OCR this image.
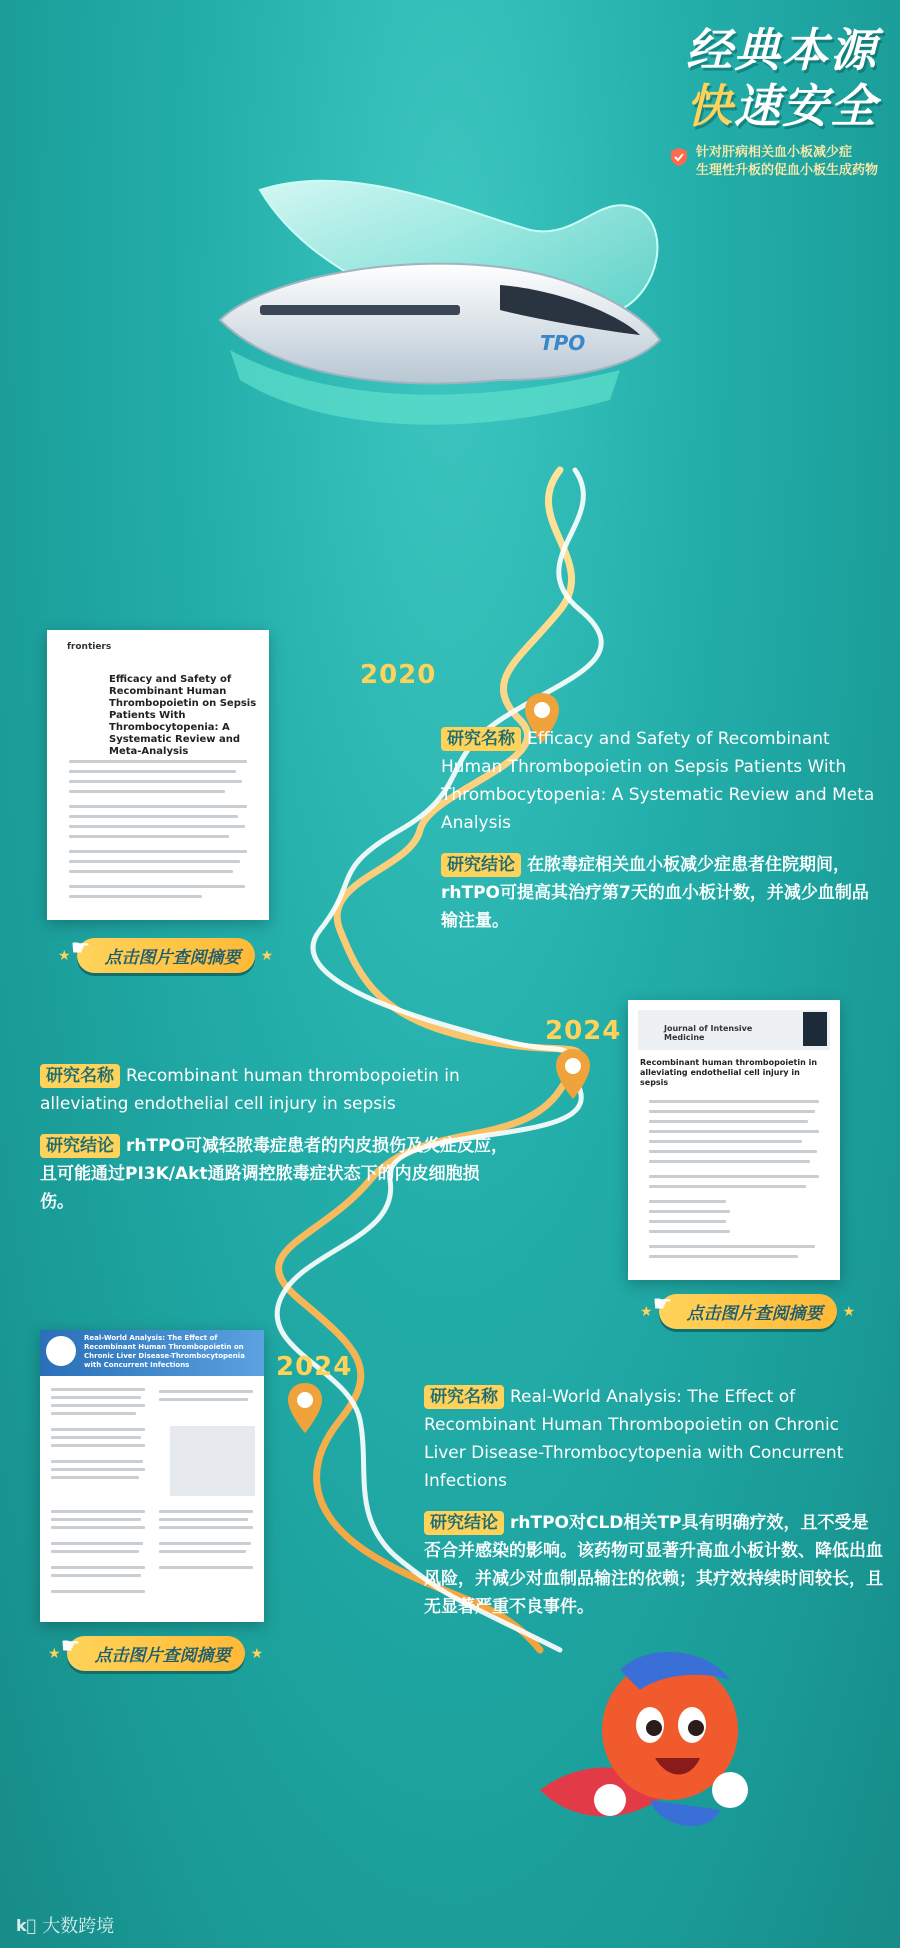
经典本源
快速安全
针对肝病相关血小板减少症
生理性升板的促血小板生成药物
TPO
frontiers
Efficacy and Safety of Recombinant Human Thrombopoietin on Sepsis Patients With Thrombocytopenia: A Systematic Review and Meta-Analysis
★ ☛ 点击图片查阅摘要	★
2020
研究名称 Efficacy and Safety of Recombinant Human Thrombopoietin on Sepsis Patients With Thrombocytopenia: A Systematic Review and Meta Analysis
研究结论 在脓毒症相关血小板减少症患者住院期间，rhTPO可提高其治疗第7天的血小板计数，并减少血制品输注量。
2024
研究名称 Recombinant human thrombopoietin in alleviating endothelial cell injury in sepsis
研究结论 rhTPO可减轻脓毒症患者的内皮损伤及炎症反应，且可能通过PI3K/Akt通路调控脓毒症状态下的内皮细胞损伤。
Journal of Intensive Medicine
Recombinant human thrombopoietin in alleviating endothelial cell injury in sepsis
★ ☛ 点击图片查阅摘要	★
Real-World Analysis: The Effect of Recombinant Human Thrombopoietin on Chronic Liver Disease-Thrombocytopenia with Concurrent Infections
★ ☛ 点击图片查阅摘要	★
2024
研究名称 Real-World Analysis: The Effect of Recombinant Human Thrombopoietin on Chronic Liver Disease-Thrombocytopenia with Concurrent Infections
研究结论 rhTPO对CLD相关TP具有明确疗效，且不受是否合并感染的影响。该药物可显著升高血小板计数、降低出血风险，并减少对血制品输注的依赖；其疗效持续时间较长，且无显著严重不良事件。
k⃝ 大数跨境
